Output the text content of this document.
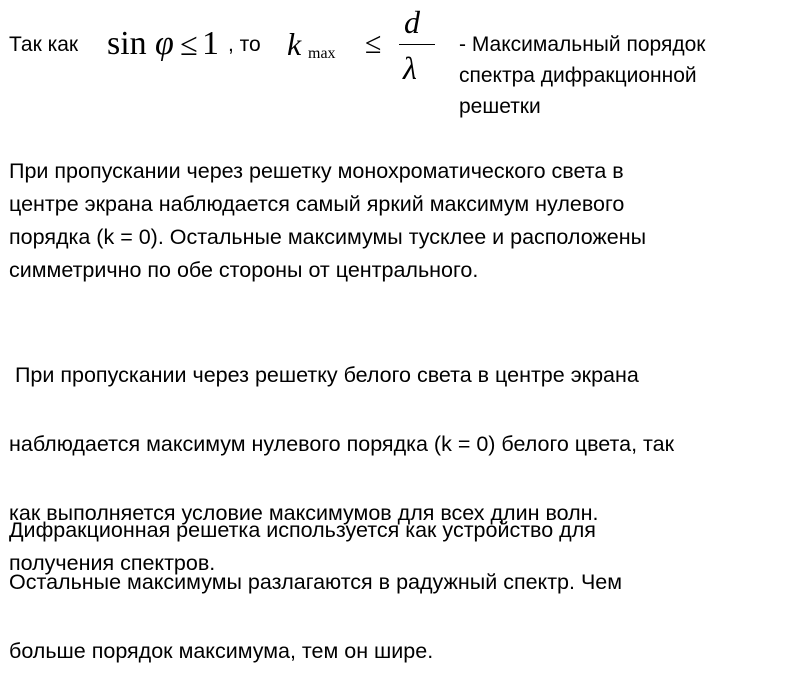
Так как sin φ ≤ 1 , то k max ≤
d
λ
- Максимальный порядок
спектра дифракционной
решетки
При пропускании через решетку монохроматического света в
центре экрана наблюдается самый яркий максимум нулевого
порядка (k = 0). Остальные максимумы тусклее и расположены
симметрично по обе стороны от центрального.

При пропускании через решетку белого света в центре экрана

наблюдается максимум нулевого порядка (k = 0) белого цвета, так

как выполняется условие максимумов для всех длин волн.

Остальные максимумы разлагаются в радужный спектр. Чем

больше порядок максимума, тем он шире.

Дифракционная решетка используется как устройство для
получения спектров.
